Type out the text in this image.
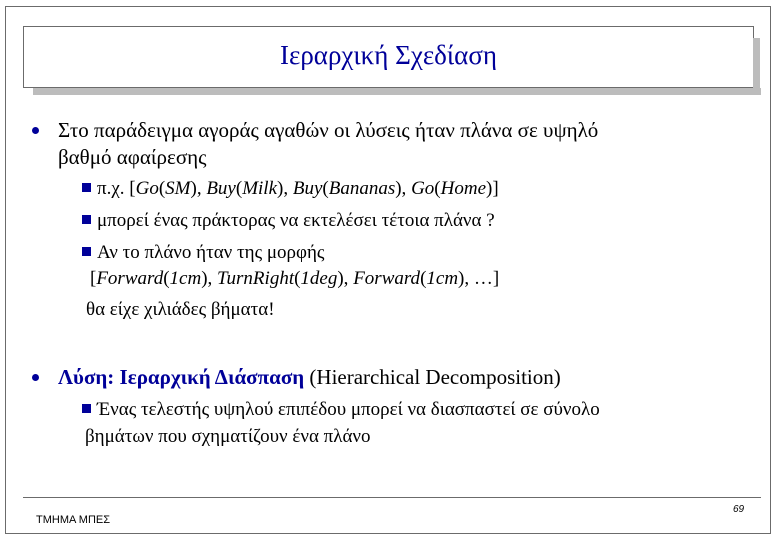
Ιεραρχική Σχεδίαση
Στο παράδειγμα αγοράς αγαθών οι λύσεις ήταν πλάνα σε υψηλό
βαθμό αφαίρεσης
π.χ. [Go(SM), Buy(Milk), Buy(Bananas), Go(Home)]
μπορεί ένας πράκτορας να εκτελέσει τέτοια πλάνα ?
Αν το πλάνο ήταν της μορφής
[Forward(1cm), TurnRight(1deg), Forward(1cm), …]
θα είχε χιλιάδες βήματα!
Λύση: Ιεραρχική Διάσπαση (Hierarchical Decomposition)
Ένας τελεστής υψηλού επιπέδου μπορεί να διασπαστεί σε σύνολο
βημάτων που σχηματίζουν ένα πλάνο
ΤΜΗΜΑ ΜΠΕΣ
69
